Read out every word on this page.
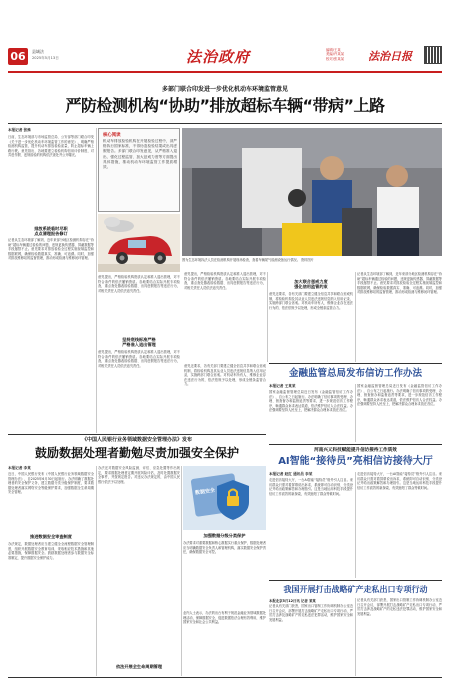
06	县域法
2025年5月13日	法治政府	编辑/王某
美编/许某某
校对/张某某	法治日报
多部门联合印发进一步优化机动车环境监管意见
严防检测机构“协助”排放超标车辆“带病”上路
本报记者 张维
日前，生态环境部与市场监管总局、公安部等部门联合印发《关于进一步优化机动车环境监管工作的意见》，明确严格检测机构监管，提升机动车排放检验质量，防止超标车辆上路行驶。意见指出，各地要建立检验机构信用评价制度，对弄虚作假、违规检验的机构依法查处并公开曝光。
排放系统临时尽职
点点清理报告修订
记者从生态环境部了解到，近年来部分地区检测机构存在“协助”超标车辆通过检验的问题，违规更换传感器、屏蔽数据等手段屡禁不止。意见要求对排放检验全过程实施视频监控和数据联网，确保检验数据真实、准确、可追溯。同时，加强对排放维修站的监督管理，推动形成检测与维修闭环管理。
核心阅读
机动车排放检验机构在开展检验过程中，须严格执行国家标准，不得伪造检验结果或出具虚假报告。多部门联合印发意见，从严格准入退出、强化过程监管、加大惩戒力度等方面提出具体措施，推动机动车环境监管工作提质增效。
意见提出，严格检验机构资质认定和准入退出管理，对不符合条件的依法撤销资质。各地要结合实际开展专项检查，重点查处篡改检验数据、出具虚假报告等违法行为，对相关责任人员依法追究责任。
坚持底线标准严格
严格准入退出管理
图为生态环境执法人员在检测机构开展现场检查，查看车辆尾气检测设备运行情况。 资料图片
意见提出，严格检验机构资质认定和准入退出管理，对不符合条件的依法撤销资质。各地要结合实际开展专项检查，重点查处篡改检验数据、出具虚假报告等违法行为，对相关责任人员依法追究责任。
加大联合惩戒力度
强化信用监管约束
意见还要求，各有关部门要建立健全信息共享和联合惩戒机制，将检验机构及其从业人员违法违规信息纳入信用记录，实施跨部门联合惩戒。对机动车所有人、维修企业存在违法行为的，依法依规予以处理，形成全链条监管合力。
记者从生态环境部了解到，近年来部分地区检测机构存在“协助”超标车辆通过检验的问题，违规更换传感器、屏蔽数据等手段屡禁不止。意见要求对排放检验全过程实施视频监控和数据联网，确保检验数据真实、准确、可追溯。同时，加强对排放维修站的监督管理，推动形成检测与维修闭环管理。
金融监管总局发布信访工作办法
本报记者 王某某
国家金融监督管理总局近日发布《金融监管信访工作办法》，自公布之日起施行。办法明确了信访事项的受理、办理、督查督办和监督追责等要求，进一步规范信访工作程序，畅通群众诉求表达渠道，依法维护信访人合法权益。办法强调要坚持人民至上，把解决群众合理诉求放在首位。
国家金融监督管理总局近日发布《金融监管信访工作办法》，自公布之日起施行。办法明确了信访事项的受理、办理、督查督办和监督追责等要求，进一步规范信访工作程序，畅通群众诉求表达渠道，依法维护信访人合法权益。办法强调要坚持人民至上，把解决群众合理诉求放在首位。
意见还要求，各有关部门要建立健全信息共享和联合惩戒机制，将检验机构及其从业人员违法违规信息纳入信用记录，实施跨部门联合惩戒。对机动车所有人、维修企业存在违法行为的，依法依规予以处理，形成全链条监管合力。
意见提出，严格检验机构资质认定和准入退出管理，对不符合条件的依法撤销资质。各地要结合实际开展专项检查，重点查处篡改检验数据、出具虚假报告等违法行为，对相关责任人员依法追究责任。
河南兴义科技赋能提升信访接待工作质效
AI智能“接待员”亮相信访接待大厅
本报记者 赵红 通讯员 李某
走进信访接待大厅，一台AI智能“接待员”格外引人注目。来访群众只需对着屏幕说出诉求，系统即可自动识别、分类登记并给出政策解答和办理指引。这是当地运用科技手段提升信访工作质效的新探索，有效缩短了群众等候时间。
走进信访接待大厅，一台AI智能“接待员”格外引人注目。来访群众只需对着屏幕说出诉求，系统即可自动识别、分类登记并给出政策解答和办理指引。这是当地运用科技手段提升信访工作质效的新探索，有效缩短了群众等候时间。
《中国人民银行业务领域数据安全管理办法》发布
鼓励数据处理者勤勉尽责加强安全保护
本报记者 李某
近日，中国人民银行发布《中国人民银行业务领域数据安全管理办法》，自2025年6月30日起施行。办法明确了数据处理者的安全保护义务，建立数据分类分级保护制度，要求数据处理者落实网络安全等级保护要求，加强数据全生命周期安全管理。
推进数据安全审查制度
办法规定，数据处理者应当建立健全全流程数据安全管理制度，组织开展数据安全教育培训，采取相应技术措施和其他必要措施，保障数据安全。鼓励数据处理者参与数据安全标准制定，提升数据安全保护能力。
办法还对数据安全风险监测、评估、应急处置等作出规定，要求数据处理者定期开展风险评估，及时处置数据安全事件，并按规定报告。对违反办法规定的，由中国人民银行依法予以处理。
数据安全
加强数据分级分类保护
办法要求对重要数据和核心数据实行重点保护，数据处理者应当明确数据安全负责人和管理机构，落实数据安全保护责任，确保数据安全可控。
依法开展全生命周期管理
业内人士表示，办法的出台有利于规范金融业务领域数据处理活动，保障数据安全，促进数据依法合理有效利用，维护国家安全和社会公共利益。
我国开展打击战略矿产走私出口专项行动
本报北京5月12日讯 记者 某某
记者从有关部门获悉，国家出口管制工作协调机制办公室近日召开会议，部署开展打击战略矿产走私出口专项行动，严厉打击涉及战略矿产的走私违法犯罪活动，维护国家安全和发展利益。
记者从有关部门获悉，国家出口管制工作协调机制办公室近日召开会议，部署开展打击战略矿产走私出口专项行动，严厉打击涉及战略矿产的走私违法犯罪活动，维护国家安全和发展利益。
